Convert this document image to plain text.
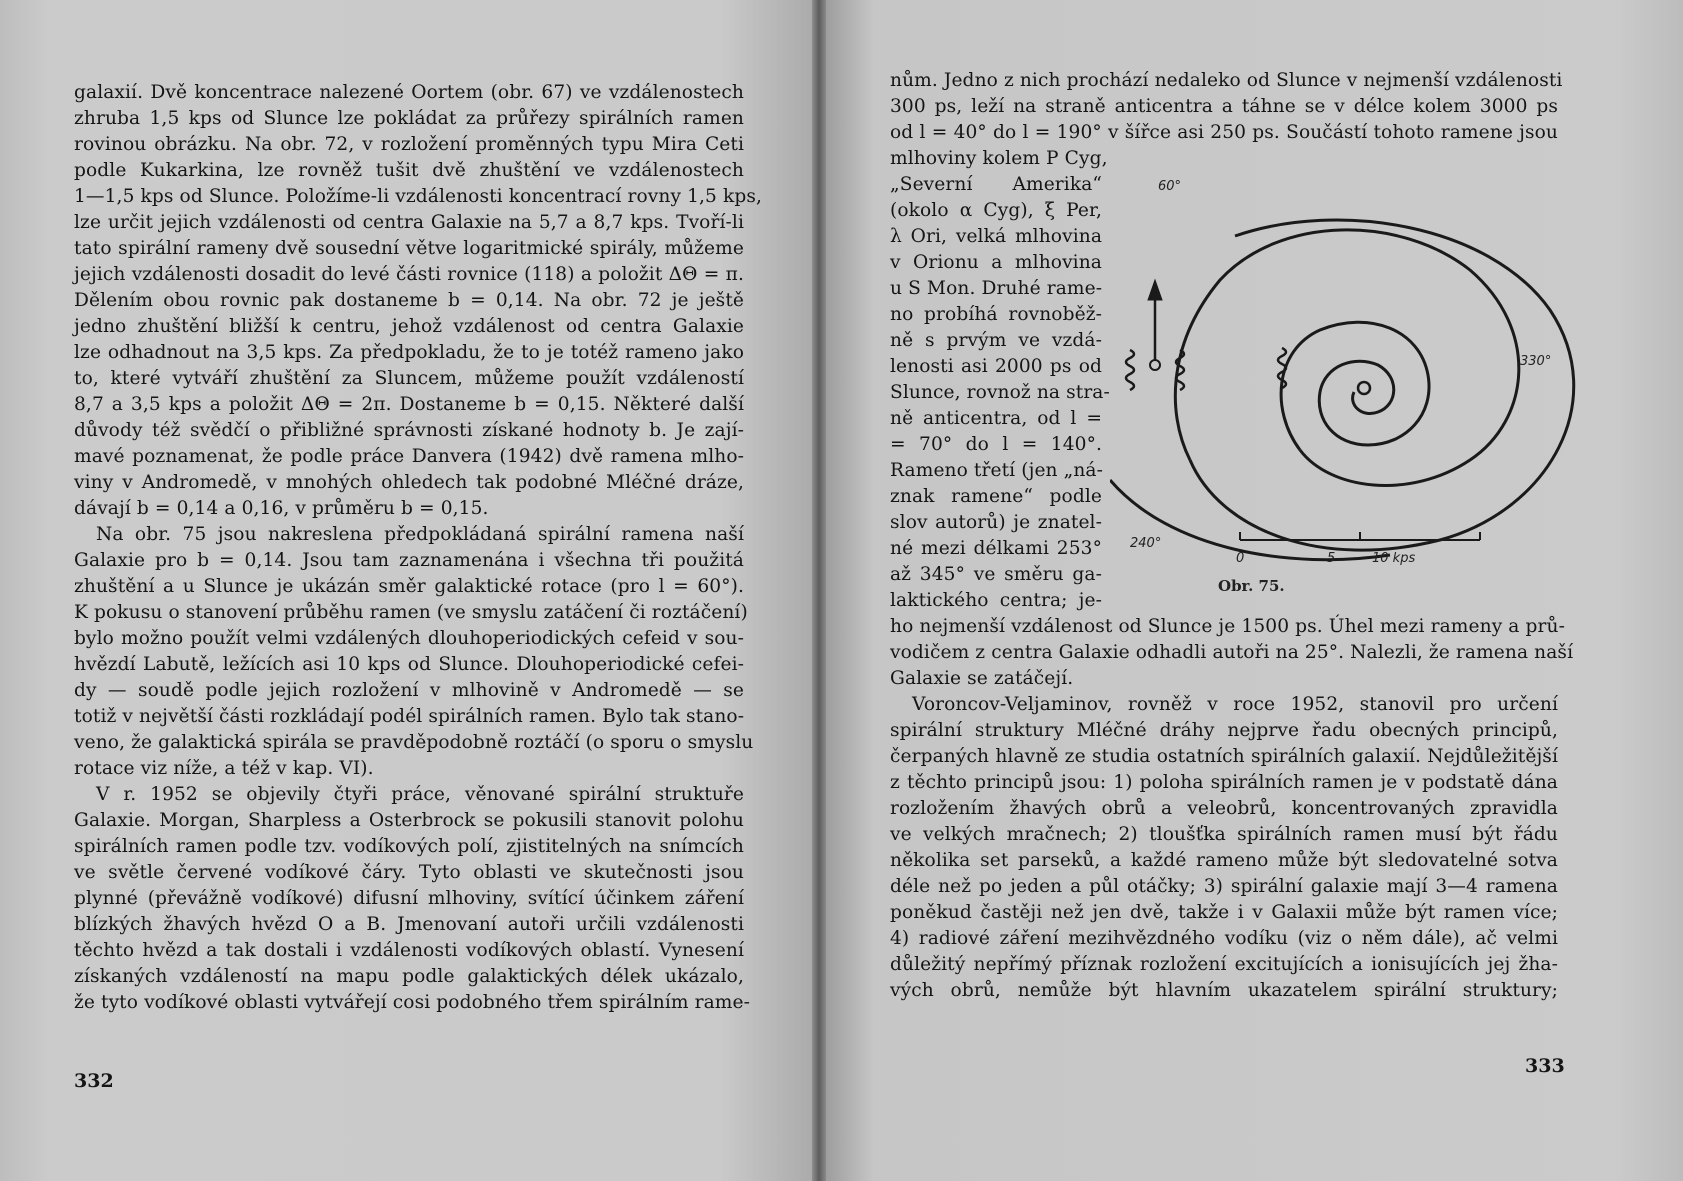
galaxií. Dvě koncentrace nalezené Oortem (obr. 67) ve vzdálenostech

zhruba 1,5 kps od Slunce lze pokládat za průřezy spirálních ramen

rovinou obrázku. Na obr. 72, v rozložení proměnných typu Mira Ceti

podle Kukarkina, lze rovněž tušit dvě zhuštění ve vzdálenostech

1—1,5 kps od Slunce. Položíme-li vzdálenosti koncentrací rovny 1,5 kps,

lze určit jejich vzdálenosti od centra Galaxie na 5,7 a 8,7 kps. Tvoří-li

tato spirální rameny dvě sousední větve logaritmické spirály, můžeme

jejich vzdálenosti dosadit do levé části rovnice (118) a položit ΔΘ = π.

Dělením obou rovnic pak dostaneme b = 0,14. Na obr. 72 je ještě

jedno zhuštění bližší k centru, jehož vzdálenost od centra Galaxie

lze odhadnout na 3,5 kps. Za předpokladu, že to je totéž rameno jako

to, které vytváří zhuštění za Sluncem, můžeme použít vzdáleností

8,7 a 3,5 kps a položit ΔΘ = 2π. Dostaneme b = 0,15. Některé další

důvody též svědčí o přibližné správnosti získané hodnoty b. Je zají-

mavé poznamenat, že podle práce Danvera (1942) dvě ramena mlho-

viny v Andromedě, v mnohých ohledech tak podobné Mléčné dráze,

dávají b = 0,14 a 0,16, v průměru b = 0,15.

Na obr. 75 jsou nakreslena předpokládaná spirální ramena naší

Galaxie pro b = 0,14. Jsou tam zaznamenána i všechna tři použitá

zhuštění a u Slunce je ukázán směr galaktické rotace (pro l = 60°).

K pokusu o stanovení průběhu ramen (ve smyslu zatáčení či roztáčení)

bylo možno použít velmi vzdálených dlouhoperiodických cefeid v sou-

hvězdí Labutě, ležících asi 10 kps od Slunce. Dlouhoperiodické cefei-

dy — soudě podle jejich rozložení v mlhovině v Andromedě — se

totiž v největší části rozkládají podél spirálních ramen. Bylo tak stano-

veno, že galaktická spirála se pravděpodobně roztáčí (o sporu o smyslu

rotace viz níže, a též v kap. VI).

V r. 1952 se objevily čtyři práce, věnované spirální struktuře

Galaxie. Morgan, Sharpless a Osterbrock se pokusili stanovit polohu

spirálních ramen podle tzv. vodíkových polí, zjistitelných na snímcích

ve světle červené vodíkové čáry. Tyto oblasti ve skutečnosti jsou

plynné (převážně vodíkové) difusní mlhoviny, svítící účinkem záření

blízkých žhavých hvězd O a B. Jmenovaní autoři určili vzdálenosti

těchto hvězd a tak dostali i vzdálenosti vodíkových oblastí. Vynesení

získaných vzdáleností na mapu podle galaktických délek ukázalo,

že tyto vodíkové oblasti vytvářejí cosi podobného třem spirálním rame-

332

nům. Jedno z nich prochází nedaleko od Slunce v nejmenší vzdálenosti

300 ps, leží na straně anticentra a táhne se v délce kolem 3000 ps

od l = 40° do l = 190° v šířce asi 250 ps. Součástí tohoto ramene jsou

mlhoviny kolem P Cyg,

„Severní Amerika“

(okolo α Cyg), ξ Per,

λ Ori, velká mlhovina

v Orionu a mlhovina

u S Mon. Druhé rame-

no probíhá rovnoběž-

ně s prvým ve vzdá-

lenosti asi 2000 ps od

Slunce, rovnož na stra-

ně anticentra, od l =

= 70° do l = 140°.

Rameno třetí (jen „ná-

znak ramene“ podle

slov autorů) je znatel-

né mezi délkami 253°

až 345° ve směru ga-

laktického centra; je-

ho nejmenší vzdálenost od Slunce je 1500 ps. Úhel mezi rameny a prů-

vodičem z centra Galaxie odhadli autoři na 25°. Nalezli, že ramena naší

Galaxie se zatáčejí.

Voroncov-Veljaminov, rovněž v roce 1952, stanovil pro určení

spirální struktury Mléčné dráhy nejprve řadu obecných principů,

čerpaných hlavně ze studia ostatních spirálních galaxií. Nejdůležitější

z těchto principů jsou: 1) poloha spirálních ramen je v podstatě dána

rozložením žhavých obrů a veleobrů, koncentrovaných zpravidla

ve velkých mračnech; 2) tloušťka spirálních ramen musí být řádu

několika set parseků, a každé rameno může být sledovatelné sotva

déle než po jeden a půl otáčky; 3) spirální galaxie mají 3—4 ramena

poněkud častěji než jen dvě, takže i v Galaxii může být ramen více;

4) radiové záření mezihvězdného vodíku (viz o něm dále), ač velmi

důležitý nepřímý příznak rozložení excitujících a ionisujících jej žha-

vých obrů, nemůže být hlavním ukazatelem spirální struktury;

333

60°
330°
240°
0	5	10 kps
Obr. 75.
